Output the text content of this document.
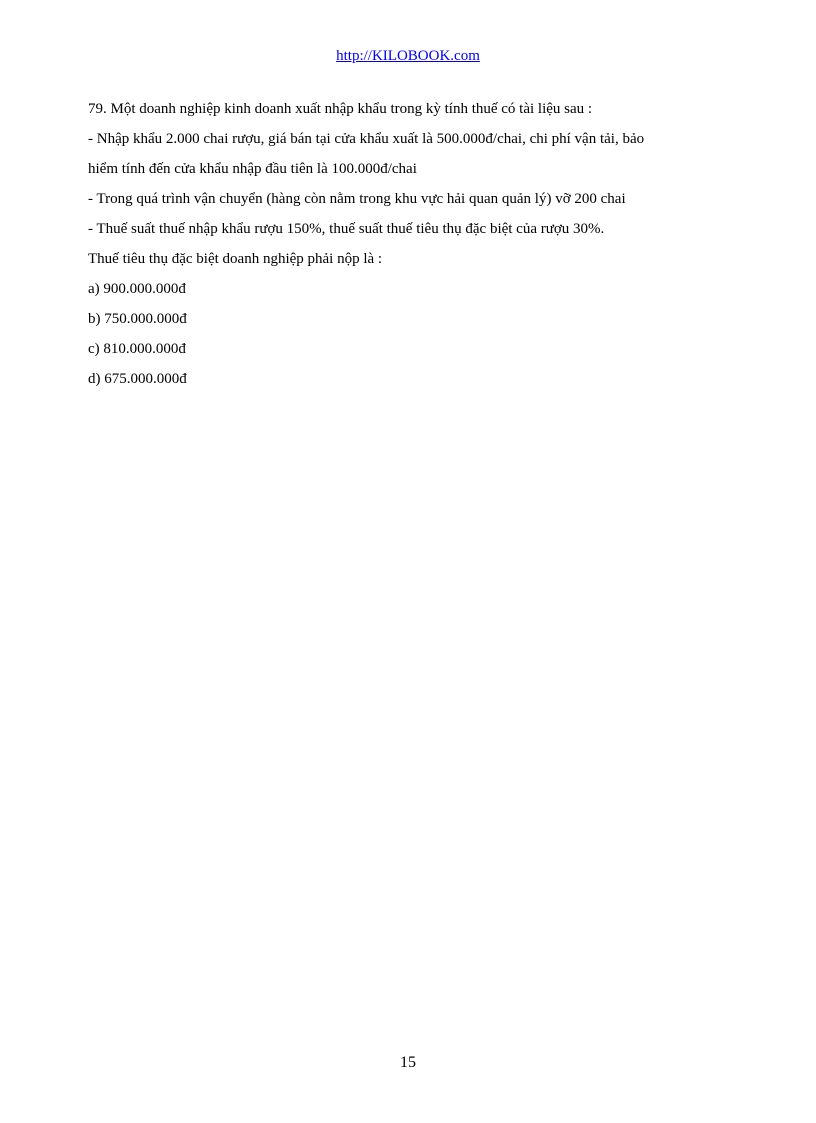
http://KILOBOOK.com

79. Một doanh nghiệp kinh doanh xuất nhập khẩu trong kỳ tính thuế có tài liệu sau :

- Nhập khẩu 2.000 chai rượu, giá bán tại cửa khẩu xuất là 500.000đ/chai, chi phí vận tải, bảo

hiểm tính đến cửa khẩu nhập đầu tiên là 100.000đ/chai

- Trong quá trình vận chuyển (hàng còn nằm trong khu vực hải quan quản lý) vỡ 200 chai

- Thuế suất thuế nhập khẩu rượu 150%, thuế suất thuế tiêu thụ đặc biệt của rượu 30%.

Thuế tiêu thụ đặc biệt doanh nghiệp phải nộp là :

a) 900.000.000đ

b) 750.000.000đ

c) 810.000.000đ

d) 675.000.000đ

15
